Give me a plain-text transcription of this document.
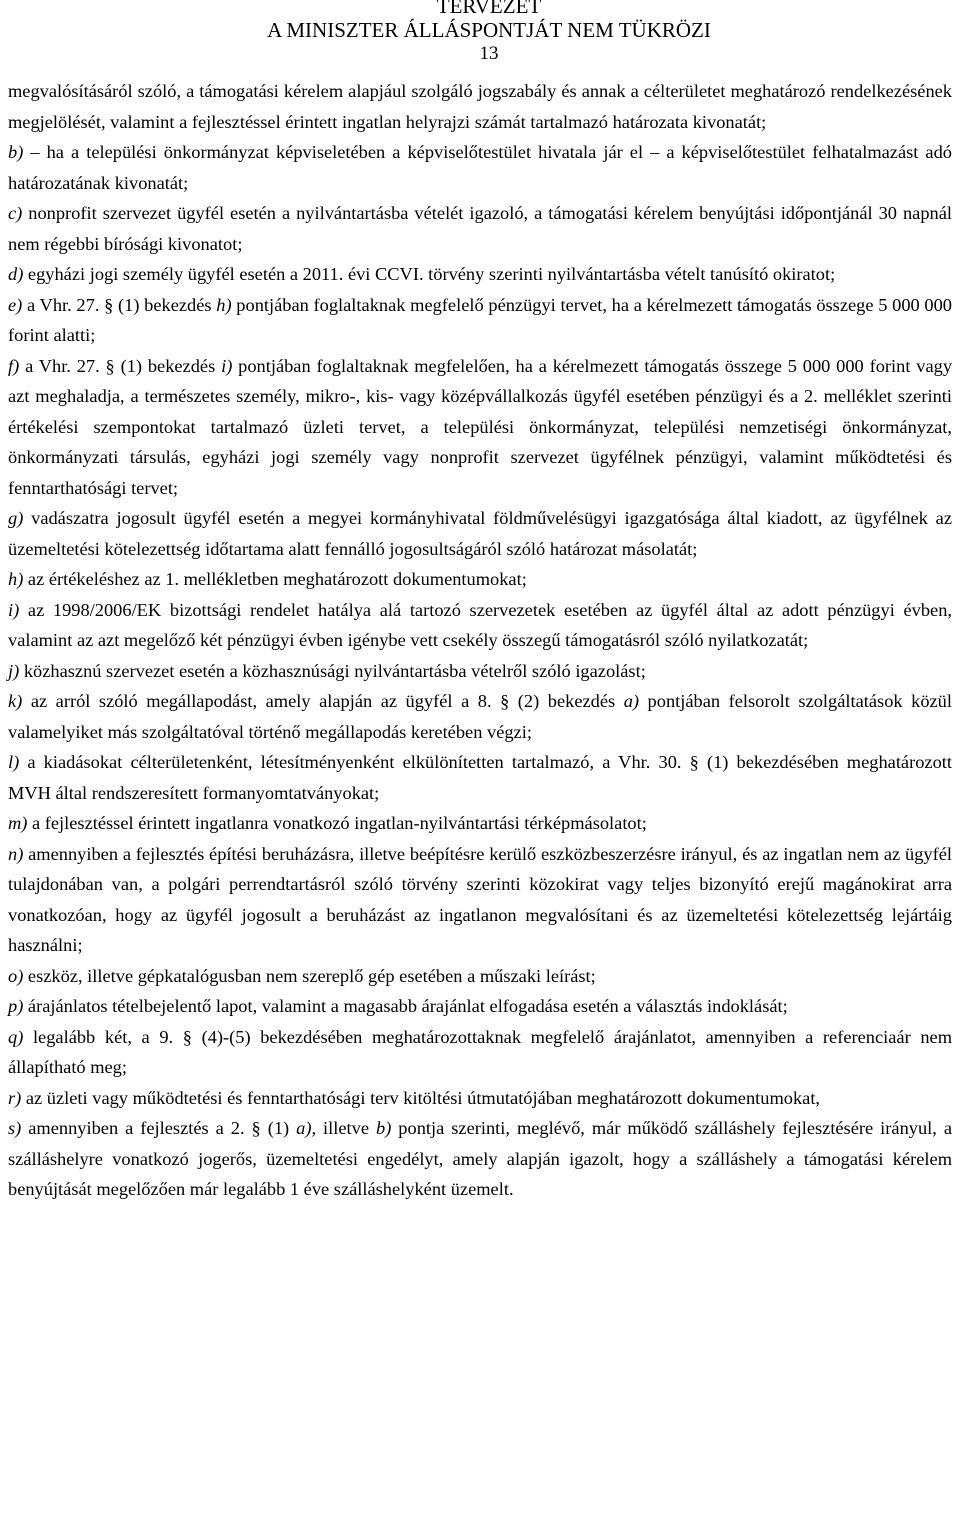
TERVEZET
A MINISZTER ÁLLÁSPONTJÁT NEM TÜKRÖZI
13

megvalósításáról szóló, a támogatási kérelem alapjául szolgáló jogszabály és annak a célterületet meghatározó rendelkezésének megjelölését, valamint a fejlesztéssel érintett ingatlan helyrajzi számát tartalmazó határozata kivonatát;

b) – ha a települési önkormányzat képviseletében a képviselőtestület hivatala jár el – a képviselőtestület felhatalmazást adó határozatának kivonatát;

c) nonprofit szervezet ügyfél esetén a nyilvántartásba vételét igazoló, a támogatási kérelem benyújtási időpontjánál 30 napnál nem régebbi bírósági kivonatot;

d) egyházi jogi személy ügyfél esetén a 2011. évi CCVI. törvény szerinti nyilvántartásba vételt tanúsító okiratot;

e) a Vhr. 27. § (1) bekezdés h) pontjában foglaltaknak megfelelő pénzügyi tervet, ha a kérelmezett támogatás összege 5 000 000 forint alatti;

f) a Vhr. 27. § (1) bekezdés i) pontjában foglaltaknak megfelelően, ha a kérelmezett támogatás összege 5 000 000 forint vagy azt meghaladja, a természetes személy, mikro-, kis- vagy középvállalkozás ügyfél esetében pénzügyi és a 2. melléklet szerinti értékelési szempontokat tartalmazó üzleti tervet, a települési önkormányzat, települési nemzetiségi önkormányzat, önkormányzati társulás, egyházi jogi személy vagy nonprofit szervezet ügyfélnek pénzügyi, valamint működtetési és fenntarthatósági tervet;

g) vadászatra jogosult ügyfél esetén a megyei kormányhivatal földművelésügyi igazgatósága által kiadott, az ügyfélnek az üzemeltetési kötelezettség időtartama alatt fennálló jogosultságáról szóló határozat másolatát;

h) az értékeléshez az 1. mellékletben meghatározott dokumentumokat;

i) az 1998/2006/EK bizottsági rendelet hatálya alá tartozó szervezetek esetében az ügyfél által az adott pénzügyi évben, valamint az azt megelőző két pénzügyi évben igénybe vett csekély összegű támogatásról szóló nyilatkozatát;

j) közhasznú szervezet esetén a közhasznúsági nyilvántartásba vételről szóló igazolást;

k) az arról szóló megállapodást, amely alapján az ügyfél a 8. § (2) bekezdés a) pontjában felsorolt szolgáltatások közül valamelyiket más szolgáltatóval történő megállapodás keretében végzi;

l) a kiadásokat célterületenként, létesítményenként elkülönítetten tartalmazó, a Vhr. 30. § (1) bekezdésében meghatározott MVH által rendszeresített formanyomtatványokat;

m) a fejlesztéssel érintett ingatlanra vonatkozó ingatlan-nyilvántartási térképmásolatot;

n) amennyiben a fejlesztés építési beruházásra, illetve beépítésre kerülő eszközbeszerzésre irányul, és az ingatlan nem az ügyfél tulajdonában van, a polgári perrendtartásról szóló törvény szerinti közokirat vagy teljes bizonyító erejű magánokirat arra vonatkozóan, hogy az ügyfél jogosult a beruházást az ingatlanon megvalósítani és az üzemeltetési kötelezettség lejártáig használni;

o) eszköz, illetve gépkatalógusban nem szereplő gép esetében a műszaki leírást;

p) árajánlatos tételbejelentő lapot, valamint a magasabb árajánlat elfogadása esetén a választás indoklását;

q) legalább két, a 9. § (4)-(5) bekezdésében meghatározottaknak megfelelő árajánlatot, amennyiben a referenciaár nem állapítható meg;

r) az üzleti vagy működtetési és fenntarthatósági terv kitöltési útmutatójában meghatározott dokumentumokat,

s) amennyiben a fejlesztés a 2. § (1) a), illetve b) pontja szerinti, meglévő, már működő szálláshely fejlesztésére irányul, a szálláshelyre vonatkozó jogerős, üzemeltetési engedélyt, amely alapján igazolt, hogy a szálláshely a támogatási kérelem benyújtását megelőzően már legalább 1 éve szálláshelyként üzemelt.
